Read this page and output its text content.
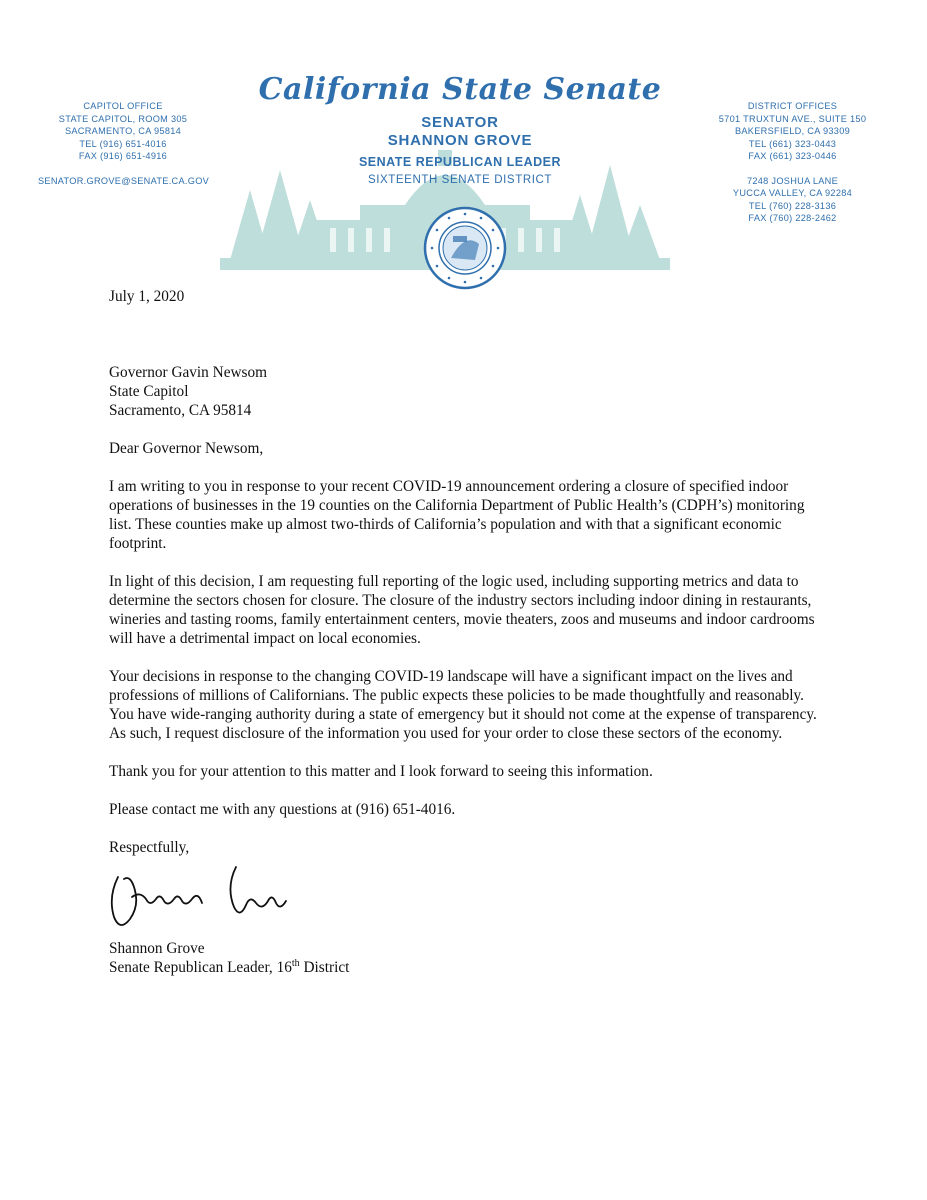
CAPITOL OFFICE
STATE CAPITOL, ROOM 305
SACRAMENTO, CA 95814
TEL (916) 651-4016
FAX (916) 651-4916
SENATOR.GROVE@SENATE.CA.GOV
DISTRICT OFFICES
5701 TRUXTUN AVE., SUITE 150
BAKERSFIELD, CA 93309
TEL (661) 323-0443
FAX (661) 323-0446
7248 JOSHUA LANE
YUCCA VALLEY, CA 92284
TEL (760) 228-3136
FAX (760) 228-2462
California State Senate
SENATOR
SHANNON GROVE
SENATE REPUBLICAN LEADER
SIXTEENTH SENATE DISTRICT

July 1, 2020

Governor Gavin Newsom
State Capitol
Sacramento, CA 95814

Dear Governor Newsom,

I am writing to you in response to your recent COVID-19 announcement ordering a closure of specified indoor operations of businesses in the 19 counties on the California Department of Public Health’s (CDPH’s) monitoring list. These counties make up almost two-thirds of California’s population and with that a significant economic footprint.

In light of this decision, I am requesting full reporting of the logic used, including supporting metrics and data to determine the sectors chosen for closure. The closure of the industry sectors including indoor dining in restaurants, wineries and tasting rooms, family entertainment centers, movie theaters, zoos and museums and indoor cardrooms will have a detrimental impact on local economies.

Your decisions in response to the changing COVID-19 landscape will have a significant impact on the lives and professions of millions of Californians. The public expects these policies to be made thoughtfully and reasonably. You have wide-ranging authority during a state of emergency but it should not come at the expense of transparency. As such, I request disclosure of the information you used for your order to close these sectors of the economy.

Thank you for your attention to this matter and I look forward to seeing this information.

Please contact me with any questions at (916) 651-4016.

Respectfully,

Shannon Grove

Senate Republican Leader, 16th District
